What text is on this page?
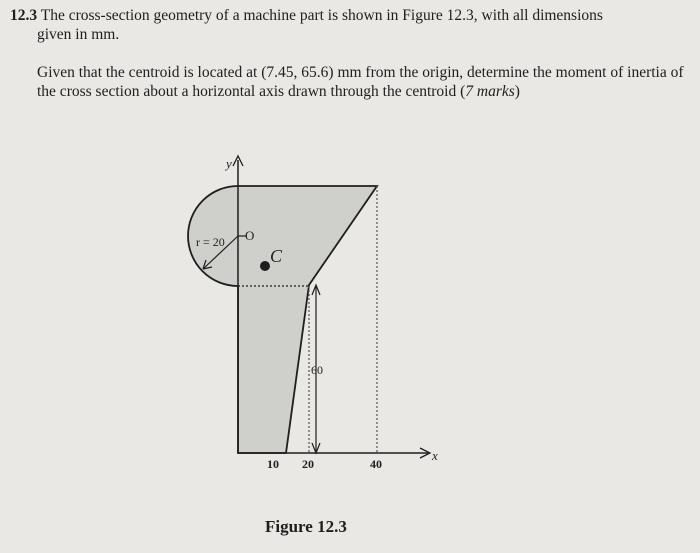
12.3 The cross-section geometry of a machine part is shown in Figure 12.3, with all dimensions

given in mm.

Given that the centroid is located at (7.45, 65.6) mm from the origin, determine the moment of inertia of the cross section about a horizontal axis drawn through the centroid (7 marks)

y
x
r = 20 O
C
60
10 20	40
Figure 12.3
